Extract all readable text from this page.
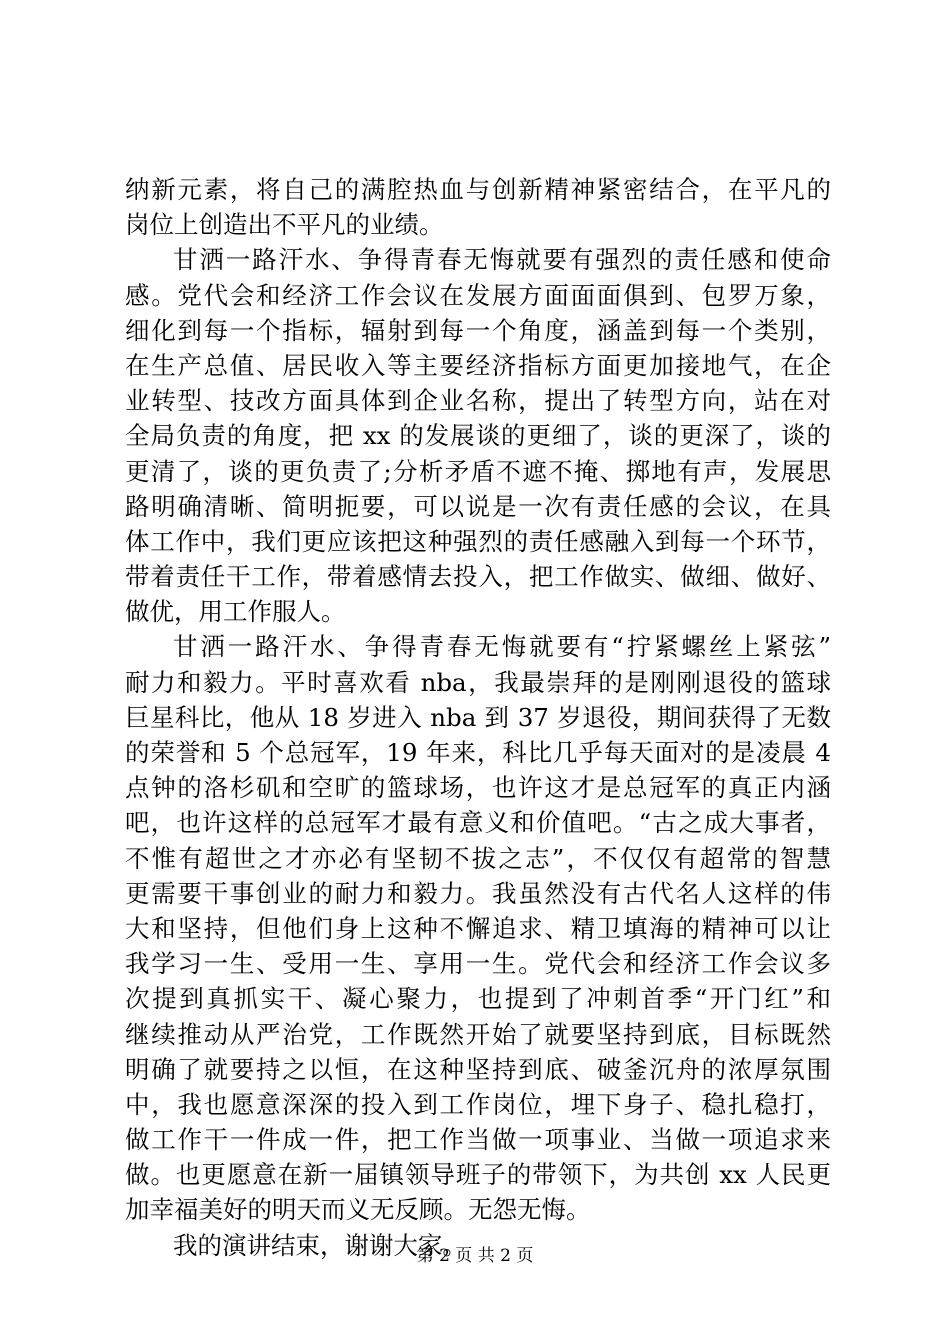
纳新元素，将自己的满腔热血与创新精神紧密结合，在平凡的
岗位上创造出不平凡的业绩。
甘洒一路汗水、争得青春无悔就要有强烈的责任感和使命
感。党代会和经济工作会议在发展方面面面俱到、包罗万象，
细化到每一个指标，辐射到每一个角度，涵盖到每一个类别，
在生产总值、居民收入等主要经济指标方面更加接地气，在企
业转型、技改方面具体到企业名称，提出了转型方向，站在对
全局负责的角度，把 xx 的发展谈的更细了，谈的更深了，谈的
更清了，谈的更负责了;分析矛盾不遮不掩、掷地有声，发展思
路明确清晰、简明扼要，可以说是一次有责任感的会议，在具
体工作中，我们更应该把这种强烈的责任感融入到每一个环节，
带着责任干工作，带着感情去投入，把工作做实、做细、做好、
做优，用工作服人。
甘洒一路汗水、争得青春无悔就要有“拧紧螺丝上紧弦”
耐力和毅力。平时喜欢看 nba，我最崇拜的是刚刚退役的篮球
巨星科比，他从 18 岁进入 nba 到 37 岁退役，期间获得了无数
的荣誉和 5 个总冠军，19 年来，科比几乎每天面对的是凌晨 4
点钟的洛杉矶和空旷的篮球场，也许这才是总冠军的真正内涵
吧，也许这样的总冠军才最有意义和价值吧。“古之成大事者，
不惟有超世之才亦必有坚韧不拔之志”，不仅仅有超常的智慧
更需要干事创业的耐力和毅力。我虽然没有古代名人这样的伟
大和坚持，但他们身上这种不懈追求、精卫填海的精神可以让
我学习一生、受用一生、享用一生。党代会和经济工作会议多
次提到真抓实干、凝心聚力，也提到了冲刺首季“开门红”和
继续推动从严治党，工作既然开始了就要坚持到底，目标既然
明确了就要持之以恒，在这种坚持到底、破釜沉舟的浓厚氛围
中，我也愿意深深的投入到工作岗位，埋下身子、稳扎稳打，
做工作干一件成一件，把工作当做一项事业、当做一项追求来
做。也更愿意在新一届镇领导班子的带领下，为共创 xx 人民更
加幸福美好的明天而义无反顾。无怨无悔。
我的演讲结束，谢谢大家。
第 2 页 共 2 页
